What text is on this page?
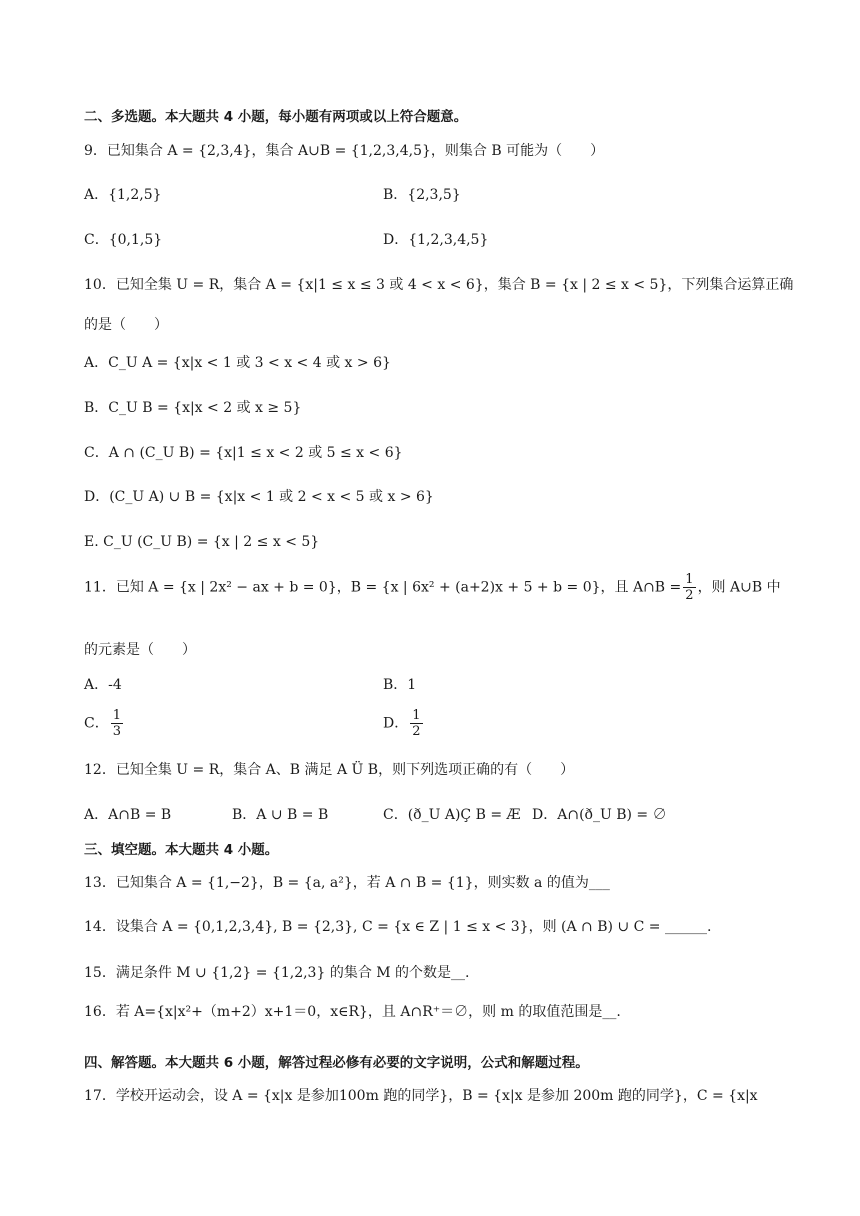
二、多选题。本大题共 4 小题，每小题有两项或以上符合题意。
9．已知集合 A = {2,3,4}，集合 A∪B = {1,2,3,4,5}，则集合 B 可能为（　　）
A．{1,2,5}	B．{2,3,5}
C．{0,1,5}	D．{1,2,3,4,5}
10．已知全集 U = R，集合 A = {x|1 ≤ x ≤ 3 或 4 < x < 6}，集合 B = {x | 2 ≤ x < 5}，下列集合运算正确
的是（　　）
A．C_U A = {x|x < 1 或 3 < x < 4 或 x > 6}
B．C_U B = {x|x < 2 或 x ≥ 5}
C．A ∩ (C_U B) = {x|1 ≤ x < 2 或 5 ≤ x < 6}
D．(C_U A) ∪ B = {x|x < 1 或 2 < x < 5 或 x > 6}
E. C_U (C_U B) = {x | 2 ≤ x < 5}
11．已知 A = {x | 2x² − ax + b = 0}，B = {x | 6x² + (a+2)x + 5 + b = 0}，且 A∩B = $\frac{1}{2}$ ，则 A∪B 中
的元素是（　　）
A．-4	B．1
C． $\frac{1}{3}$	D． $\frac{1}{2}$
12．已知全集 U = R，集合 A、B 满足 A Ü B，则下列选项正确的有（　　）
A．A∩B = B	B．A ∪ B = B	C．(ð_U A)Ç B = Æ D．A∩(ð_U B) = ∅
三、填空题。本大题共 4 小题。
13．已知集合 A = {1,−2}，B = {a, a²}，若 A ∩ B = {1}，则实数 a 的值为___
14．设集合 A = {0,1,2,3,4}, B = {2,3}, C = {x ∈ Z | 1 ≤ x < 3}，则 (A ∩ B) ∪ C = ______.
15．满足条件 M ∪ {1,2} = {1,2,3} 的集合 M 的个数是__.
16．若 A={x|x²+（m+2）x+1＝0，x∈R}，且 A∩R⁺＝∅，则 m 的取值范围是__.
四、解答题。本大题共 6 小题，解答过程必修有必要的文字说明，公式和解题过程。
17．学校开运动会，设 A = {x|x 是参加100m 跑的同学}，B = {x|x 是参加 200m 跑的同学}，C = {x|x
